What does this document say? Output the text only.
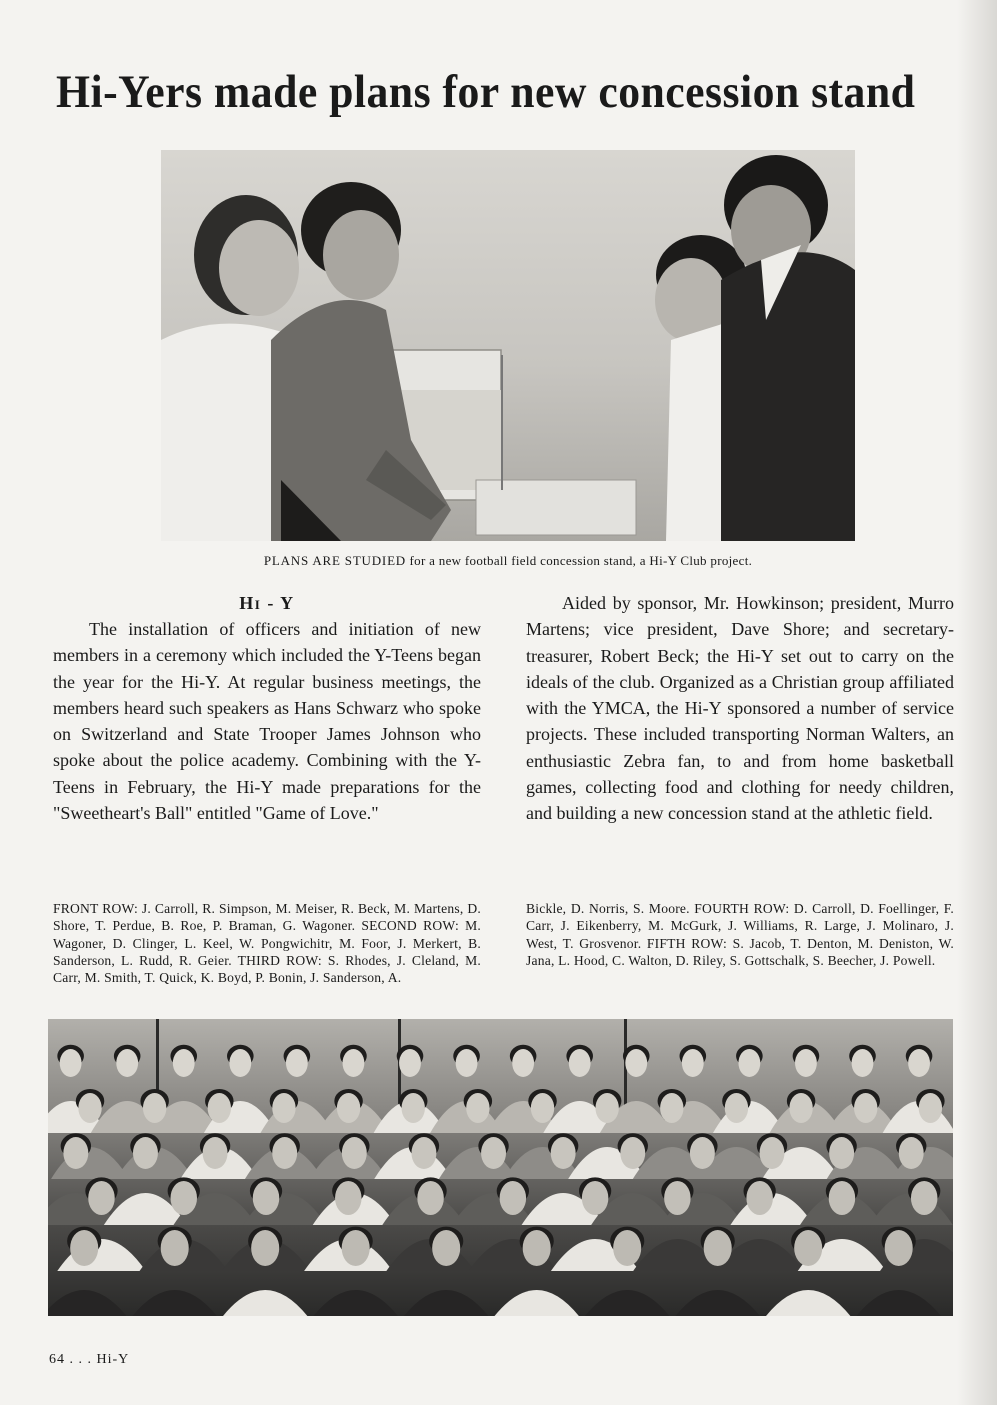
Hi-Yers made plans for new concession stand
PLANS ARE STUDIED for a new football field concession stand, a Hi-Y Club project.
Hi - Y

The installation of officers and initiation of new members in a ceremony which included the Y-Teens began the year for the Hi-Y. At regular business meetings, the members heard such speakers as Hans Schwarz who spoke on Switzerland and State Trooper James Johnson who spoke about the police academy. Combining with the Y-Teens in February, the Hi-Y made preparations for the "Sweetheart's Ball" entitled "Game of Love."

Aided by sponsor, Mr. Howkinson; president, Murro Martens; vice president, Dave Shore; and secretary-treasurer, Robert Beck; the Hi-Y set out to carry on the ideals of the club. Organized as a Christian group affiliated with the YMCA, the Hi-Y sponsored a number of service projects. These included transporting Norman Walters, an enthusiastic Zebra fan, to and from home basketball games, collecting food and clothing for needy children, and building a new concession stand at the athletic field.

FRONT ROW: J. Carroll, R. Simpson, M. Meiser, R. Beck, M. Martens, D. Shore, T. Perdue, B. Roe, P. Braman, G. Wagoner. SECOND ROW: M. Wagoner, D. Clinger, L. Keel, W. Pongwichitr, M. Foor, J. Merkert, B. Sanderson, L. Rudd, R. Geier. THIRD ROW: S. Rhodes, J. Cleland, M. Carr, M. Smith, T. Quick, K. Boyd, P. Bonin, J. Sanderson, A.
Bickle, D. Norris, S. Moore. FOURTH ROW: D. Carroll, D. Foellinger, F. Carr, J. Eikenberry, M. McGurk, J. Williams, R. Large, J. Molinaro, J. West, T. Grosvenor. FIFTH ROW: S. Jacob, T. Denton, M. Deniston, W. Jana, L. Hood, C. Walton, D. Riley, S. Gottschalk, S. Beecher, J. Powell.
64 . . . Hi-Y
